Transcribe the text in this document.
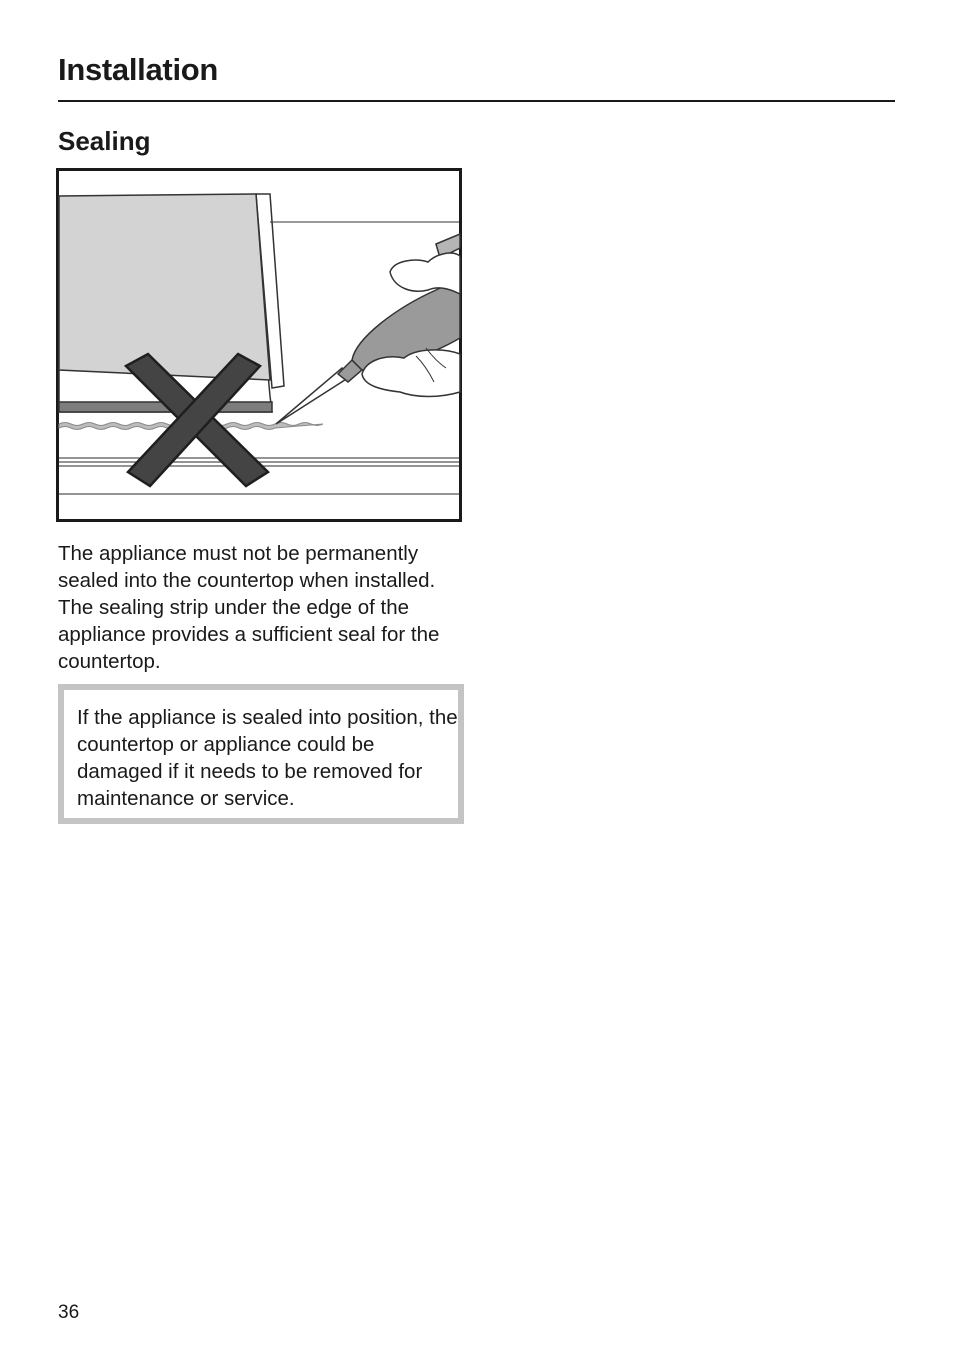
Installation
Sealing

The appliance must not be permanently sealed into the countertop when installed. The sealing strip under the edge of the appliance provides a sufficient seal for the countertop.

If the appliance is sealed into position, the countertop or appliance could be damaged if it needs to be removed for maintenance or service.

36
